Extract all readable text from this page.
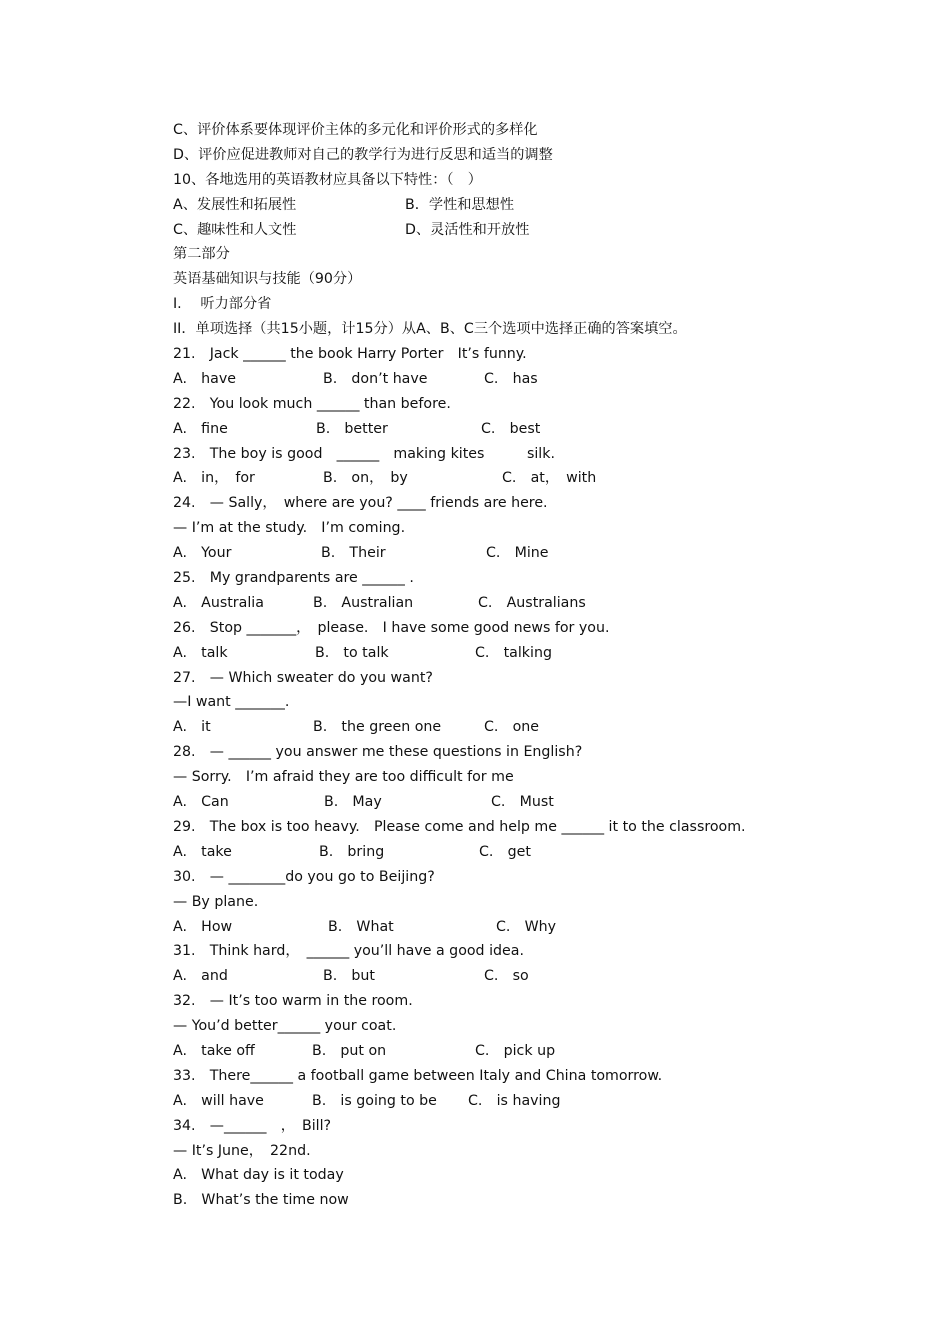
C、评价体系要体现评价主体的多元化和评价形式的多样化
D、评价应促进教师对自己的教学行为进行反思和适当的调整
10、各地选用的英语教材应具备以下特性：（　）
A、发展性和拓展性	B．学性和思想性
C、趣味性和人文性	D、灵活性和开放性
第二部分
英语基础知识与技能（90分）
I.　 听力部分省
II．单项选择（共15小题，计15分）从A、B、C三个选项中选择正确的答案填空。
21.　Jack ______ the book Harry Porter　It’s funny.
A.　have	B.　don’t have	C.　has
22.　You look much ______ than before.
A.　fine	B.　better	C.　best
23.　The boy is good　______　making kites　　　silk.
A.　in，　for	B.　on，　by	C.　at，　with
24.　— Sally，　where are you? ____ friends are here.
— I’m at the study.　I’m coming.
A.　Your	B.　Their	C.　Mine
25.　My grandparents are ______ .
A.　Australia	B.　Australian	C.　Australians
26.　Stop _______，　please.　I have some good news for you.
A.　talk	B.　to talk	C.　talking
27.　— Which sweater do you want?
—I want _______.
A.　it	B.　the green one	C.　one
28.　— ______ you answer me these questions in English?
— Sorry.　I’m afraid they are too difficult for me
A.　Can	B.　May	C.　Must
29.　The box is too heavy.　Please come and help me ______ it to the classroom.
A.　take	B.　bring	C.　get
30.　— ________do you go to Beijing?
— By plane.
A.　How	B.　What	C.　Why
31.　Think hard，　______ you’ll have a good idea.
A.　and	B.　but	C.　so
32.　— It’s too warm in the room.
— You’d better______ your coat.
A.　take off	B.　put on	C.　pick up
33.　There______ a football game between Italy and China tomorrow.
A.　will have	B.　is going to be C.　is having
34.　—______　，　Bill?
— It’s June，　22nd.
A.　What day is it today
B.　What’s the time now
